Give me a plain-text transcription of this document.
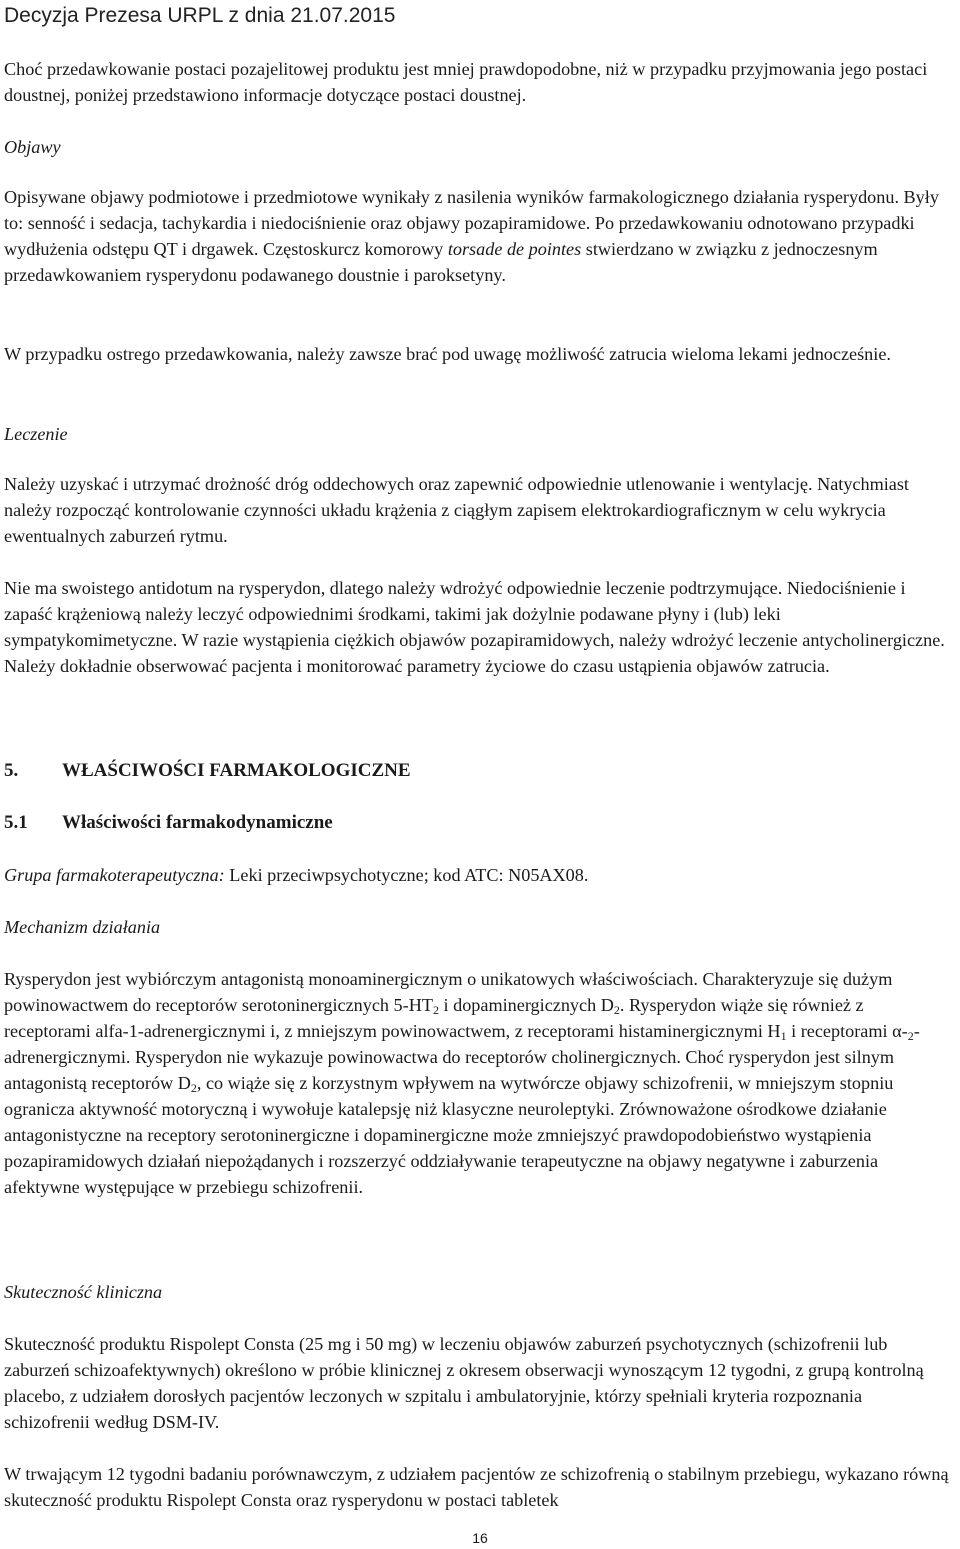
Decyzja Prezesa URPL z dnia 21.07.2015

Choć przedawkowanie postaci pozajelitowej produktu jest mniej prawdopodobne, niż w przypadku przyjmowania jego postaci doustnej, poniżej przedstawiono informacje dotyczące postaci doustnej.

Objawy

Opisywane objawy podmiotowe i przedmiotowe wynikały z nasilenia wyników farmakologicznego działania rysperydonu. Były to: senność i sedacja, tachykardia i niedociśnienie oraz objawy pozapiramidowe. Po przedawkowaniu odnotowano przypadki wydłużenia odstępu QT i drgawek. Częstoskurcz komorowy torsade de pointes stwierdzano w związku z jednoczesnym przedawkowaniem rysperydonu podawanego doustnie i paroksetyny.

W przypadku ostrego przedawkowania, należy zawsze brać pod uwagę możliwość zatrucia wieloma lekami jednocześnie.

Leczenie

Należy uzyskać i utrzymać drożność dróg oddechowych oraz zapewnić odpowiednie utlenowanie i wentylację. Natychmiast należy rozpocząć kontrolowanie czynności układu krążenia z ciągłym zapisem elektrokardiograficznym w celu wykrycia ewentualnych zaburzeń rytmu.

Nie ma swoistego antidotum na rysperydon, dlatego należy wdrożyć odpowiednie leczenie podtrzymujące. Niedociśnienie i zapaść krążeniową należy leczyć odpowiednimi środkami, takimi jak dożylnie podawane płyny i (lub) leki sympatykomimetyczne. W razie wystąpienia ciężkich objawów pozapiramidowych, należy wdrożyć leczenie antycholinergiczne. Należy dokładnie obserwować pacjenta i monitorować parametry życiowe do czasu ustąpienia objawów zatrucia.

5. WŁAŚCIWOŚCI FARMAKOLOGICZNE

5.1 Właściwości farmakodynamiczne

Grupa farmakoterapeutyczna: Leki przeciwpsychotyczne; kod ATC: N05AX08.

Mechanizm działania

Rysperydon jest wybiórczym antagonistą monoaminergicznym o unikatowych właściwościach. Charakteryzuje się dużym powinowactwem do receptorów serotoninergicznych $5-HT_2$ i dopaminergicznych $D_2$. Rysperydon wiąże się również z receptorami alfa-1-adrenergicznymi i, z mniejszym powinowactwem, z receptorami histaminergicznymi $H_1$ i receptorami $\alpha-_2$-adrenergicznymi. Rysperydon nie wykazuje powinowactwa do receptorów cholinergicznych. Choć rysperydon jest silnym antagonistą receptorów $D_2$, co wiąże się z korzystnym wpływem na wytwórcze objawy schizofrenii, w mniejszym stopniu ogranicza aktywność motoryczną i wywołuje katalepsję niż klasyczne neuroleptyki. Zrównoważone ośrodkowe działanie antagonistyczne na receptory serotoninergiczne i dopaminergiczne może zmniejszyć prawdopodobieństwo wystąpienia pozapiramidowych działań niepożądanych i rozszerzyć oddziaływanie terapeutyczne na objawy negatywne i zaburzenia afektywne występujące w przebiegu schizofrenii.

Skuteczność kliniczna

Skuteczność produktu Rispolept Consta (25 mg i 50 mg) w leczeniu objawów zaburzeń psychotycznych (schizofrenii lub zaburzeń schizoafektywnych) określono w próbie klinicznej z okresem obserwacji wynoszącym 12 tygodni, z grupą kontrolną placebo, z udziałem dorosłych pacjentów leczonych w szpitalu i ambulatoryjnie, którzy spełniali kryteria rozpoznania schizofrenii według DSM-IV.

W trwającym 12 tygodni badaniu porównawczym, z udziałem pacjentów ze schizofrenią o stabilnym przebiegu, wykazano równą skuteczność produktu Rispolept Consta oraz rysperydonu w postaci tabletek

16
